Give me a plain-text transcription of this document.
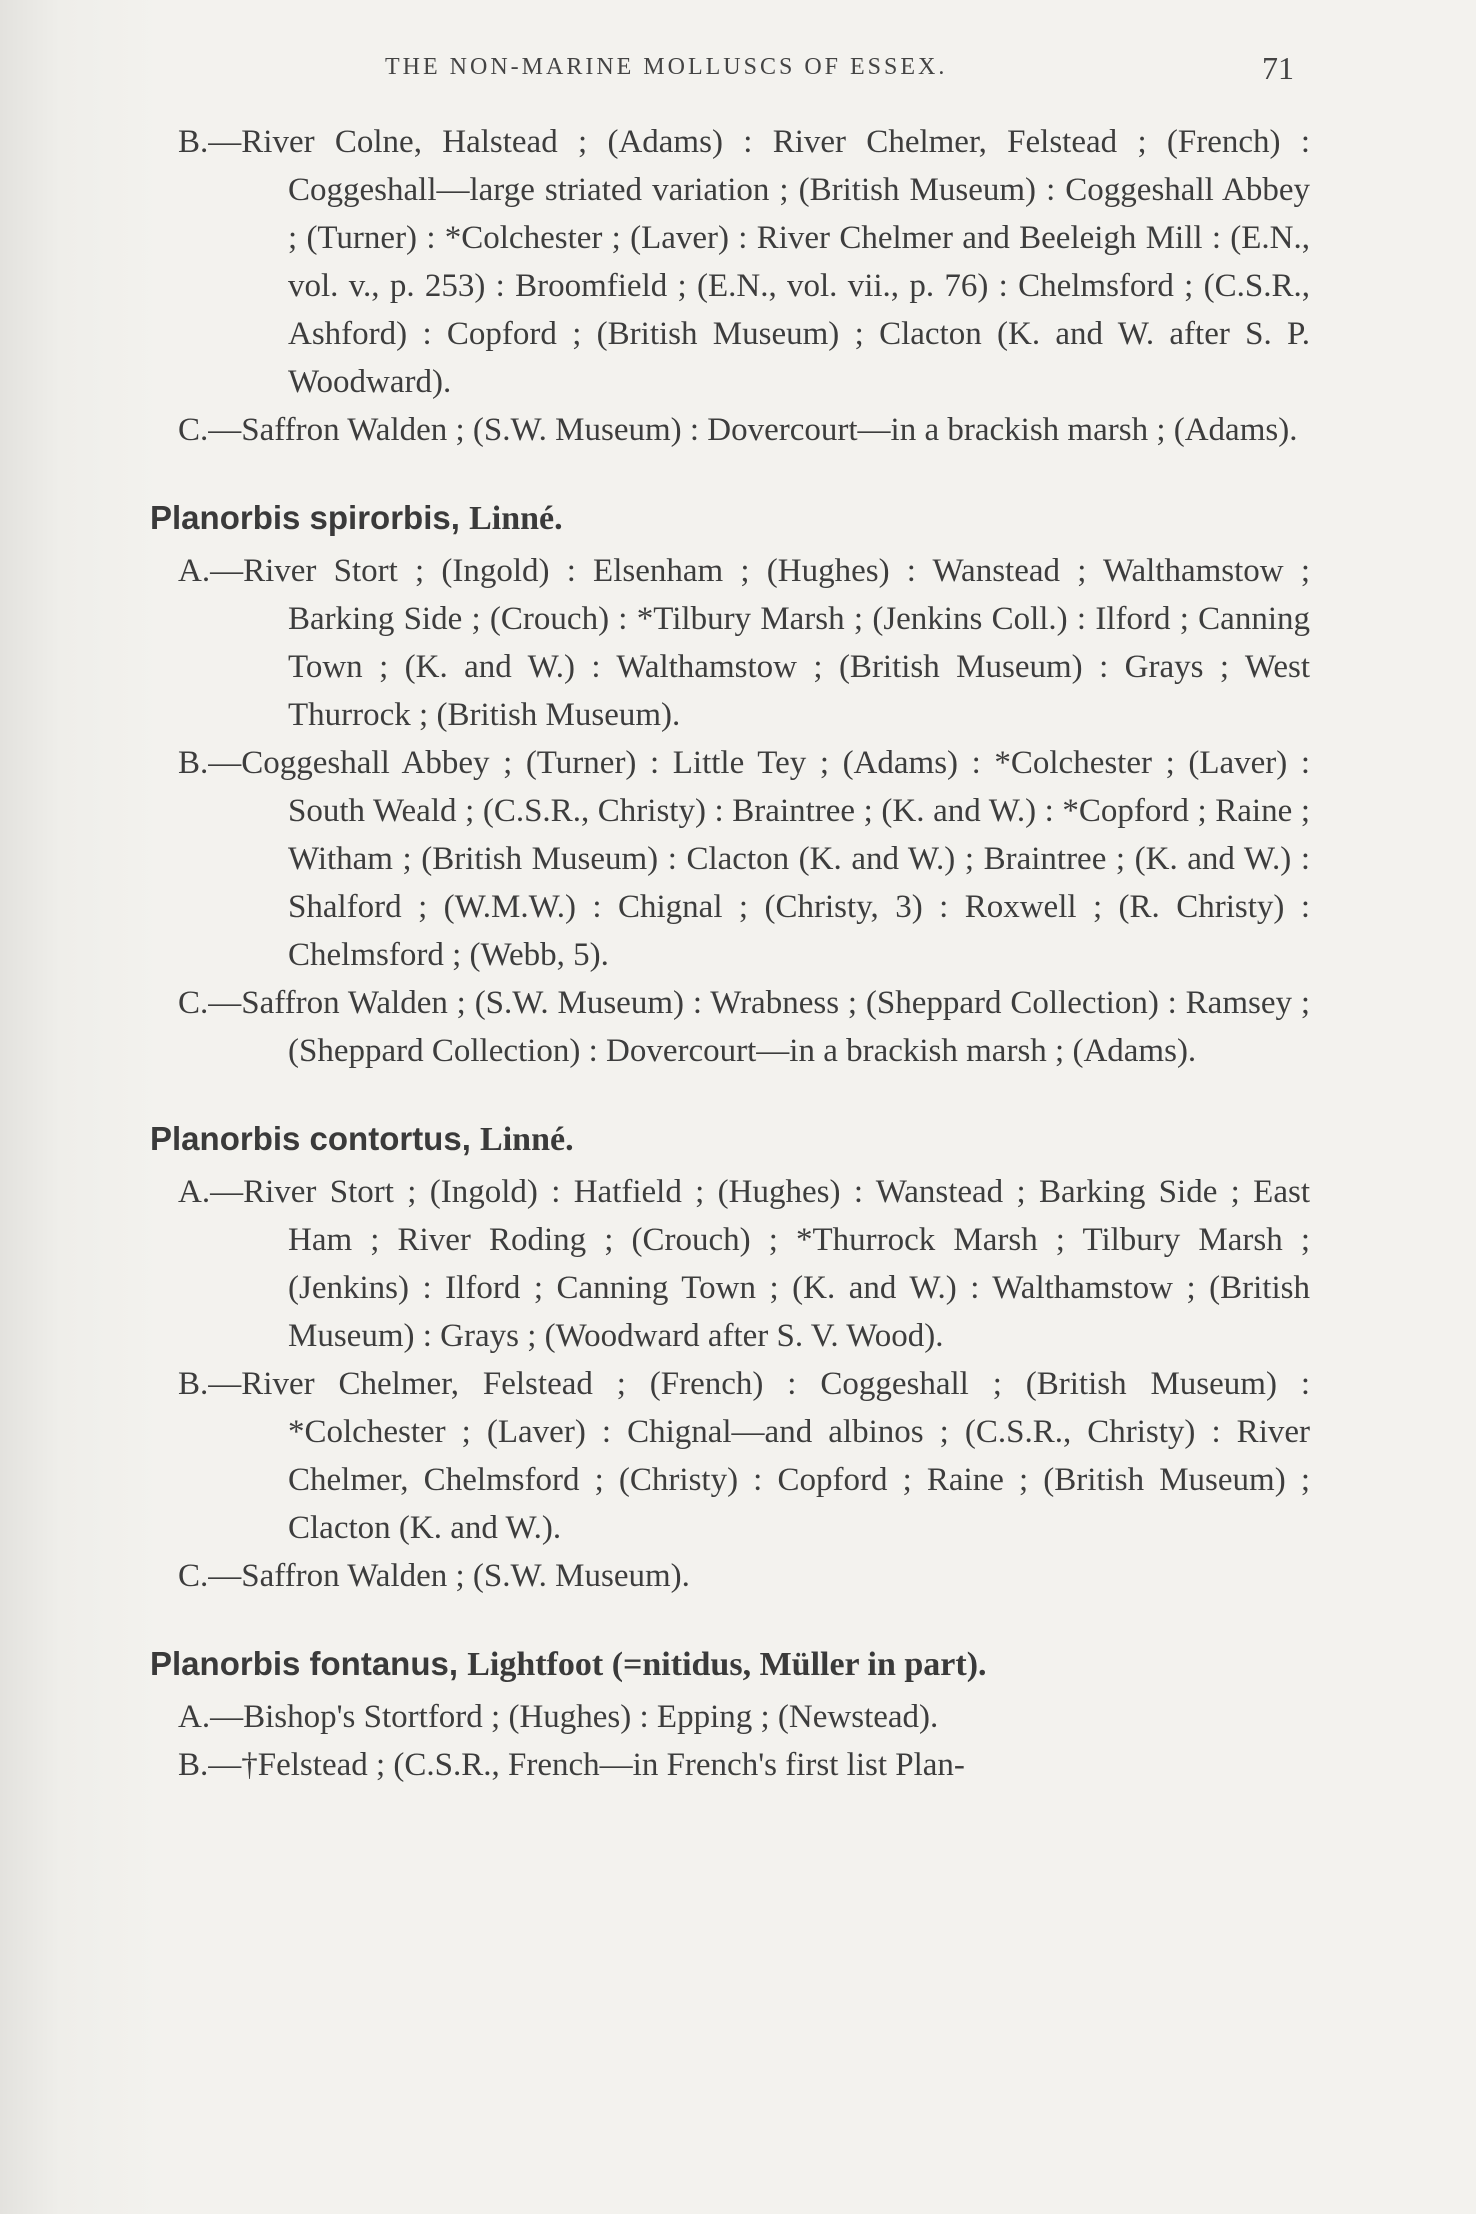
THE NON-MARINE MOLLUSCS OF ESSEX.	71

B.—River Colne, Halstead ; (Adams) : River Chelmer, Felstead ; (French) : Coggeshall—large striated variation ; (British Museum) : Coggeshall Abbey ; (Turner) : *Colchester ; (Laver) : River Chelmer and Beeleigh Mill : (E.N., vol. v., p. 253) : Broomfield ; (E.N., vol. vii., p. 76) : Chelmsford ; (C.S.R., Ashford) : Copford ; (British Museum) ; Clacton (K. and W. after S. P. Woodward).

C.—Saffron Walden ; (S.W. Museum) : Dovercourt—in a brackish marsh ; (Adams).

Planorbis spirorbis, Linné.

A.—River Stort ; (Ingold) : Elsenham ; (Hughes) : Wanstead ; Walthamstow ; Barking Side ; (Crouch) : *Tilbury Marsh ; (Jenkins Coll.) : Ilford ; Canning Town ; (K. and W.) : Walthamstow ; (British Museum) : Grays ; West Thurrock ; (British Museum).

B.—Coggeshall Abbey ; (Turner) : Little Tey ; (Adams) : *Colchester ; (Laver) : South Weald ; (C.S.R., Christy) : Braintree ; (K. and W.) : *Copford ; Raine ; Witham ; (British Museum) : Clacton (K. and W.) ; Braintree ; (K. and W.) : Shalford ; (W.M.W.) : Chignal ; (Christy, 3) : Roxwell ; (R. Christy) : Chelmsford ; (Webb, 5).

C.—Saffron Walden ; (S.W. Museum) : Wrabness ; (Sheppard Collection) : Ramsey ; (Sheppard Collection) : Dovercourt—in a brackish marsh ; (Adams).

Planorbis contortus, Linné.

A.—River Stort ; (Ingold) : Hatfield ; (Hughes) : Wanstead ; Barking Side ; East Ham ; River Roding ; (Crouch) ; *Thurrock Marsh ; Tilbury Marsh ; (Jenkins) : Ilford ; Canning Town ; (K. and W.) : Walthamstow ; (British Museum) : Grays ; (Woodward after S. V. Wood).

B.—River Chelmer, Felstead ; (French) : Coggeshall ; (British Museum) : *Colchester ; (Laver) : Chignal—and albinos ; (C.S.R., Christy) : River Chelmer, Chelmsford ; (Christy) : Copford ; Raine ; (British Museum) ; Clacton (K. and W.).

C.—Saffron Walden ; (S.W. Museum).

Planorbis fontanus, Lightfoot (=nitidus, Müller in part).

A.—Bishop's Stortford ; (Hughes) : Epping ; (Newstead).

B.—†Felstead ; (C.S.R., French—in French's first list Plan-
